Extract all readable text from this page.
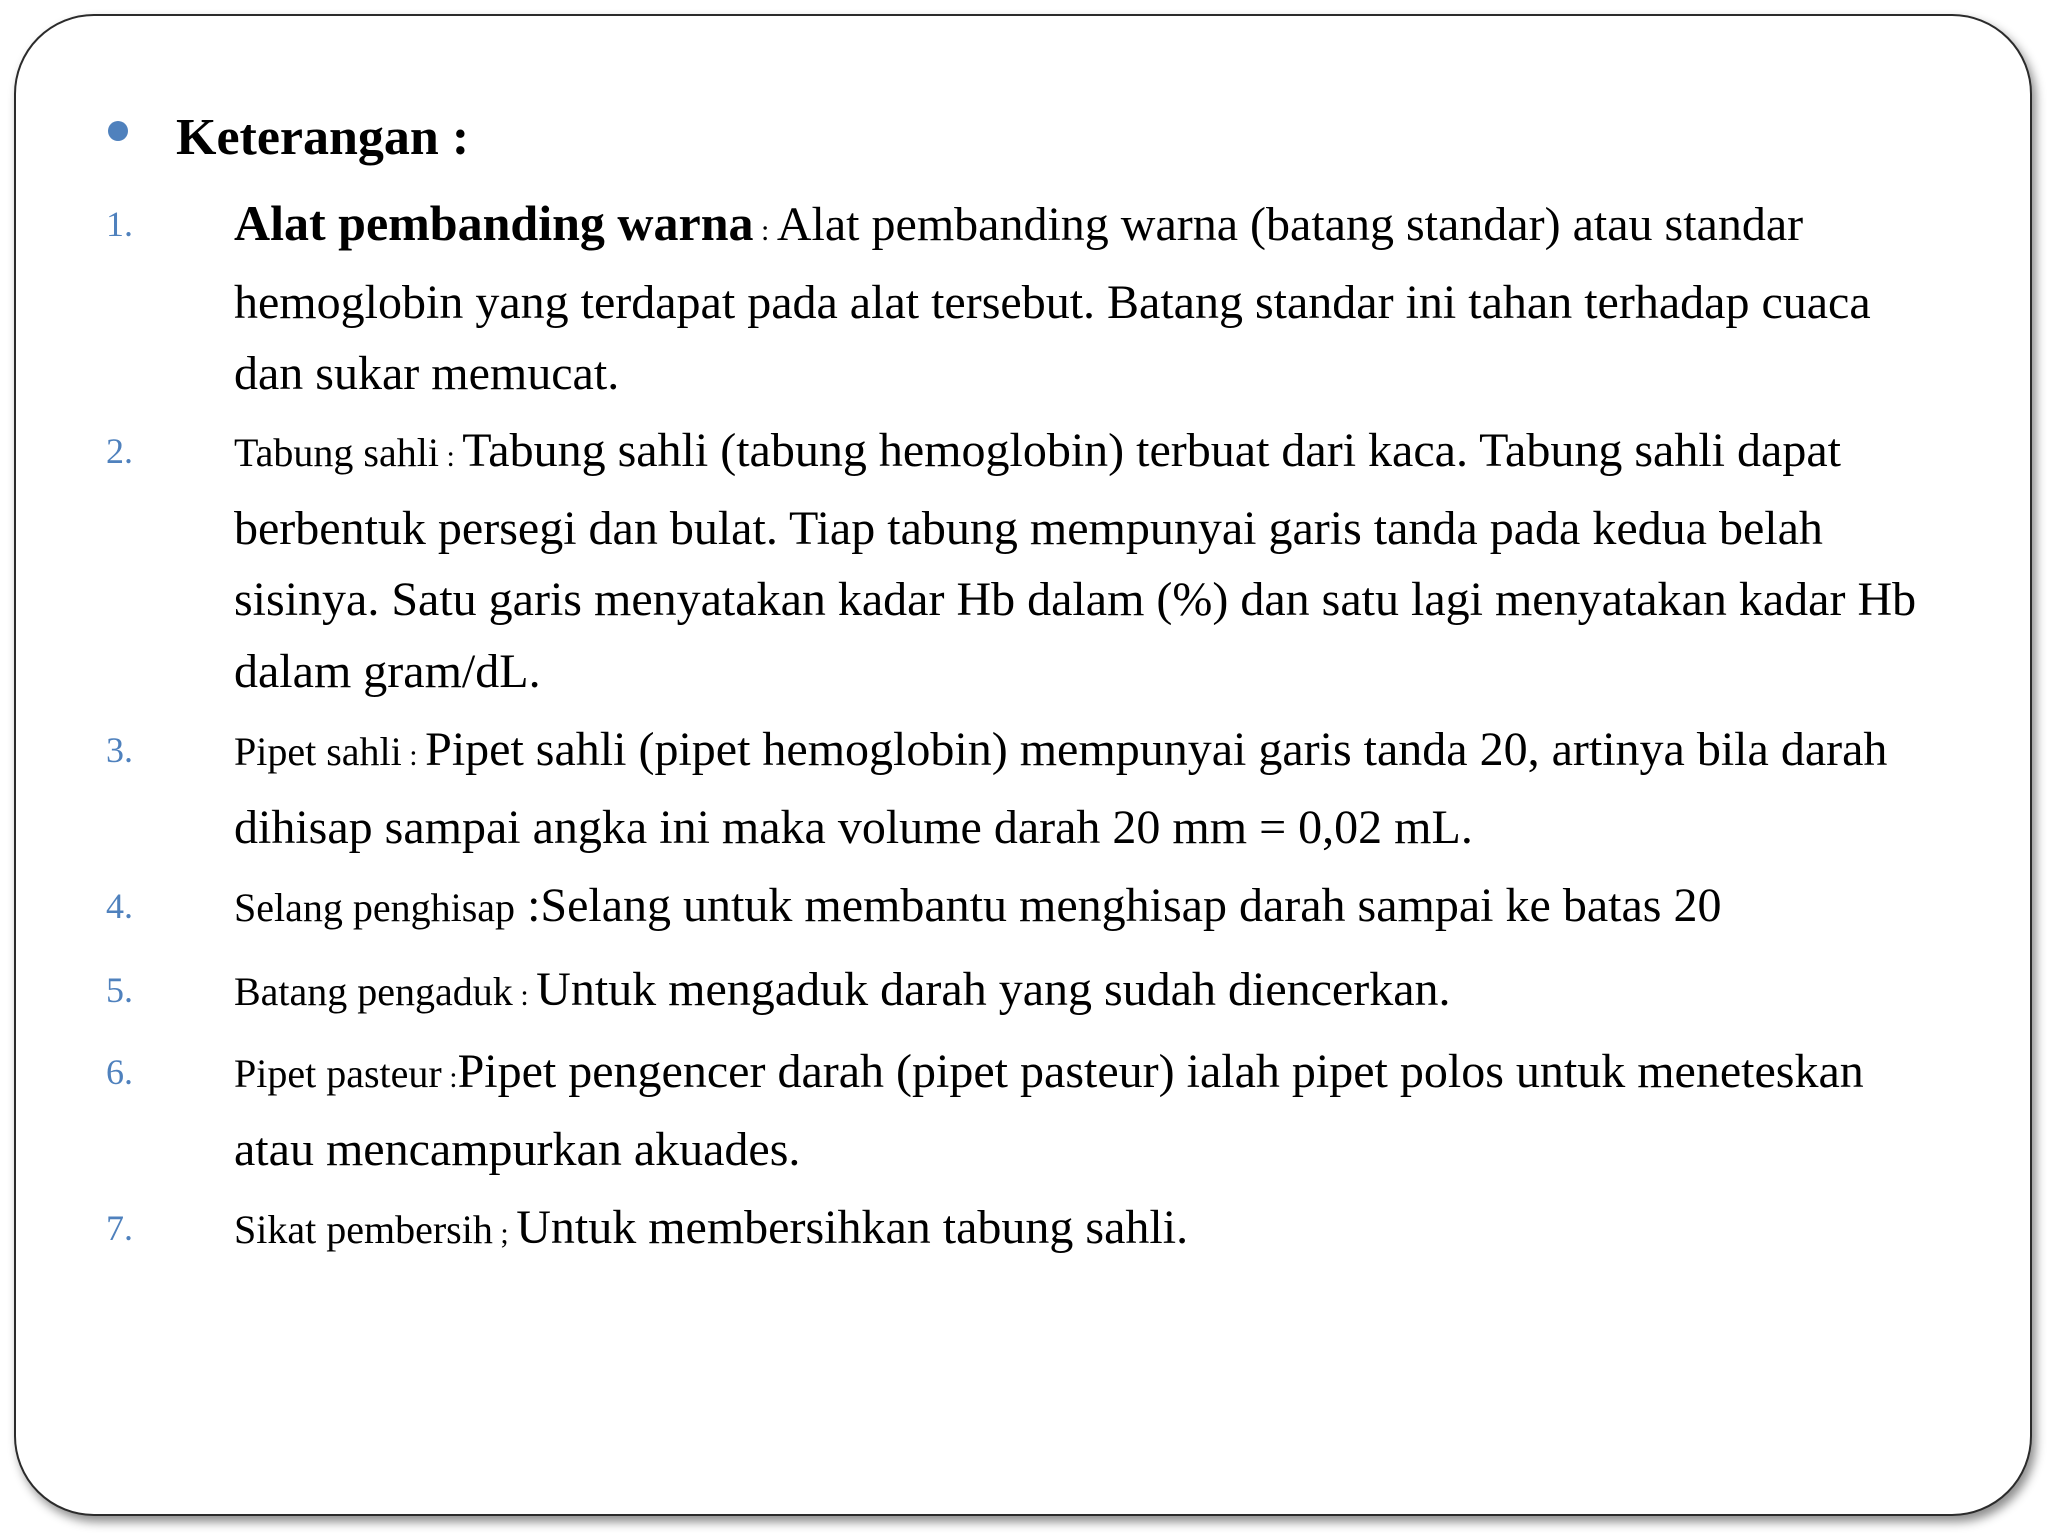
Keterangan :
1. Alat pembanding warna : Alat pembanding warna (batang standar) atau standar hemoglobin yang terdapat pada alat tersebut. Batang standar ini tahan terhadap cuaca dan sukar memucat.
2.	Tabung sahli : Tabung sahli (tabung hemoglobin) terbuat dari kaca. Tabung sahli dapat berbentuk persegi dan bulat. Tiap tabung mempunyai garis tanda pada kedua belah sisinya. Satu garis menyatakan kadar Hb dalam (%) dan satu lagi menyatakan kadar Hb dalam gram/dL.
3.	Pipet sahli : Pipet sahli (pipet hemoglobin) mempunyai garis tanda 20, artinya bila darah dihisap sampai angka ini maka volume darah 20 mm = 0,02 mL.
4.	Selang penghisap :Selang untuk membantu menghisap darah sampai ke batas 20
5.	Batang pengaduk : Untuk mengaduk darah yang sudah diencerkan.
6.	Pipet pasteur :Pipet pengencer darah (pipet pasteur) ialah pipet polos untuk meneteskan atau mencampurkan akuades.
7.	Sikat pembersih ; Untuk membersihkan tabung sahli.
